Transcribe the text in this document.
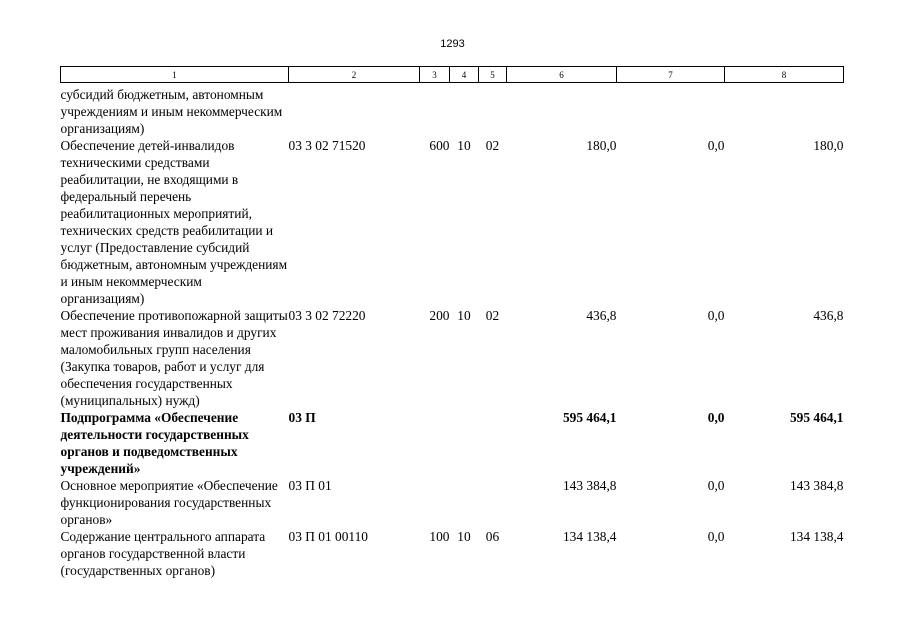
1293
1	2	3	4	5	6	7	8
субсидий бюджетным, автономным учреждениям и иным некоммерческим организациям)							
Обеспечение детей-инвалидов техническими средствами реабилитации, не входящими в федеральный перечень реабилитационных мероприятий, технических средств реабилитации и услуг (Предоставление субсидий бюджетным, автономным учреждениям и иным некоммерческим организациям)	03 3 02 71520	600	10	02	180,0	0,0	180,0
Обеспечение противопожарной защиты мест проживания инвалидов и других маломобильных групп населения (Закупка товаров, работ и услуг для обеспечения государственных (муниципальных) нужд)	03 3 02 72220	200	10	02	436,8	0,0	436,8
Подпрограмма «Обеспечение деятельности государственных органов и подведомственных учреждений»	03 П				595 464,1	0,0	595 464,1
Основное мероприятие «Обеспечение функционирования государственных органов»	03 П 01				143 384,8	0,0	143 384,8
Содержание центрального аппарата органов государственной власти (государственных органов)	03 П 01 00110	100	10	06	134 138,4	0,0	134 138,4
